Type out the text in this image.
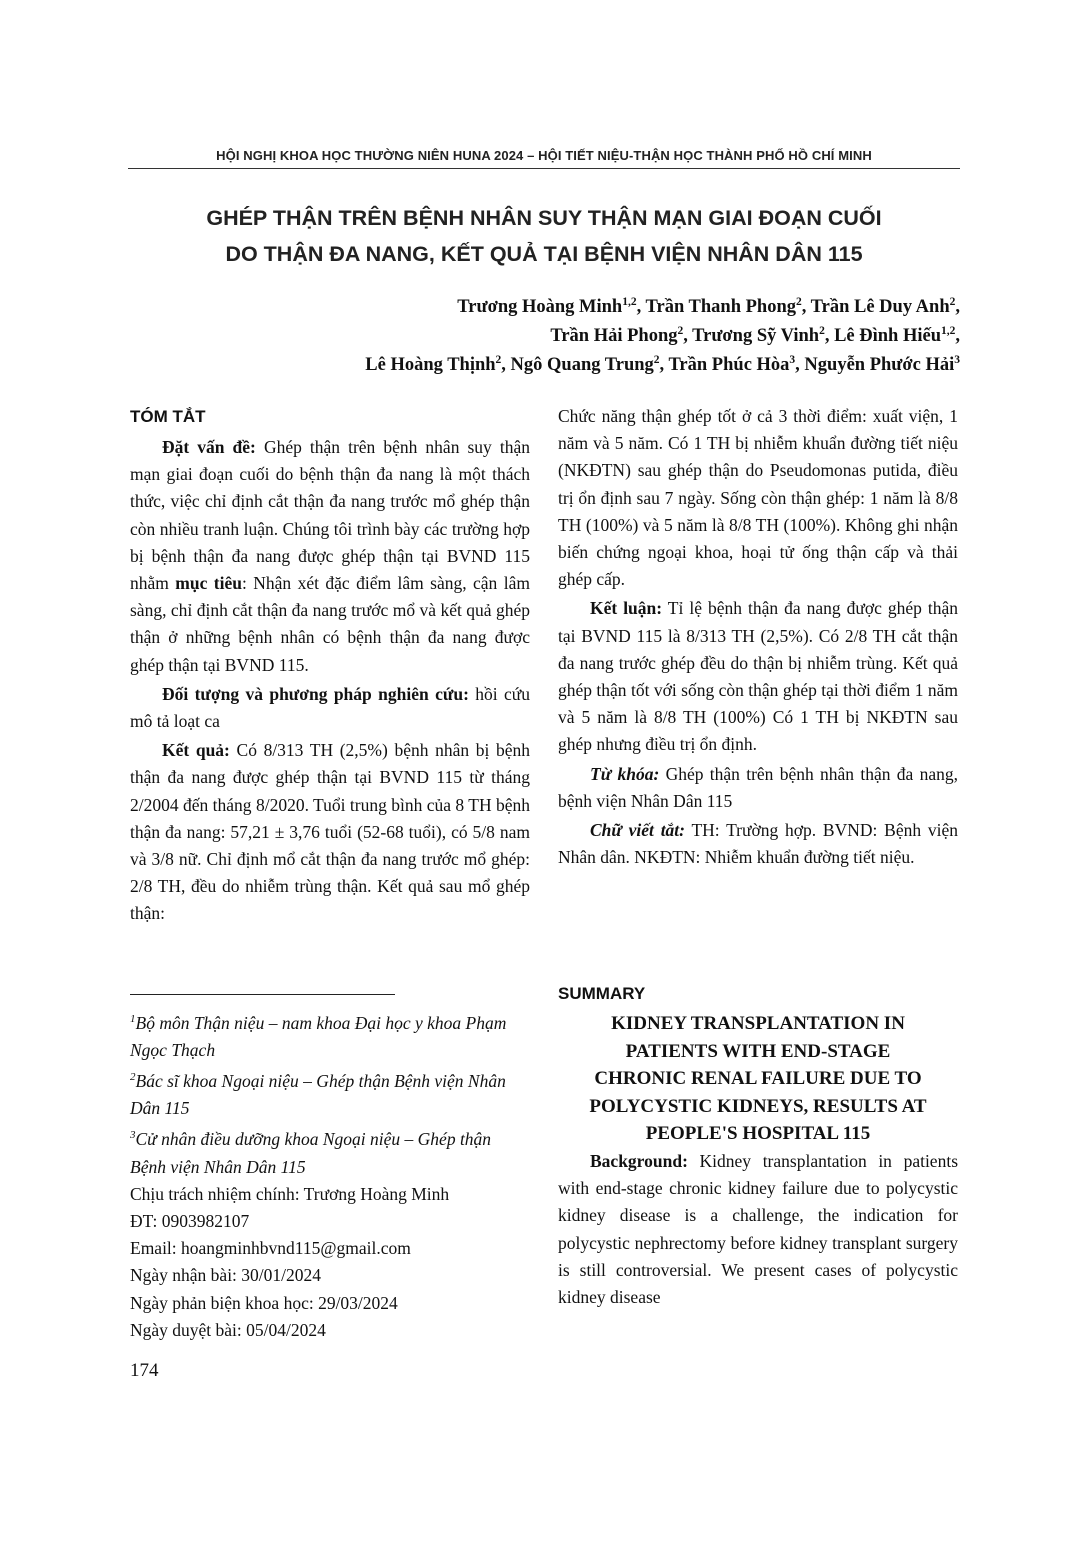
HỘI NGHỊ KHOA HỌC THƯỜNG NIÊN HUNA 2024 – HỘI TIẾT NIỆU-THẬN HỌC THÀNH PHỐ HỒ CHÍ MINH
GHÉP THẬN TRÊN BỆNH NHÂN SUY THẬN MẠN GIAI ĐOẠN CUỐI
DO THẬN ĐA NANG, KẾT QUẢ TẠI BỆNH VIỆN NHÂN DÂN 115
Trương Hoàng Minh$^{1,2}$, Trần Thanh Phong$^2$, Trần Lê Duy Anh$^2$,
Trần Hải Phong$^2$, Trương Sỹ Vinh$^2$, Lê Đình Hiếu$^{1,2}$,
Lê Hoàng Thịnh$^2$, Ngô Quang Trung$^2$, Trần Phúc Hòa$^3$, Nguyễn Phước Hải$^3$
TÓM TẮT

Đặt vấn đề: Ghép thận trên bệnh nhân suy thận mạn giai đoạn cuối do bệnh thận đa nang là một thách thức, việc chỉ định cắt thận đa nang trước mổ ghép thận còn nhiều tranh luận. Chúng tôi trình bày các trường hợp bị bệnh thận đa nang được ghép thận tại BVND 115 nhằm mục tiêu: Nhận xét đặc điểm lâm sàng, cận lâm sàng, chỉ định cắt thận đa nang trước mổ và kết quả ghép thận ở những bệnh nhân có bệnh thận đa nang được ghép thận tại BVND 115.

Đối tượng và phương pháp nghiên cứu: hồi cứu mô tả loạt ca

Kết quả: Có 8/313 TH (2,5%) bệnh nhân bị bệnh thận đa nang được ghép thận tại BVND 115 từ tháng 2/2004 đến tháng 8/2020. Tuổi trung bình của 8 TH bệnh thận đa nang: 57,21 ± 3,76 tuổi (52-68 tuổi), có 5/8 nam và 3/8 nữ. Chỉ định mổ cắt thận đa nang trước mổ ghép: 2/8 TH, đều do nhiễm trùng thận. Kết quả sau mổ ghép thận:

Chức năng thận ghép tốt ở cả 3 thời điểm: xuất viện, 1 năm và 5 năm. Có 1 TH bị nhiễm khuẩn đường tiết niệu (NKĐTN) sau ghép thận do Pseudomonas putida, điều trị ổn định sau 7 ngày. Sống còn thận ghép: 1 năm là 8/8 TH (100%) và 5 năm là 8/8 TH (100%). Không ghi nhận biến chứng ngoại khoa, hoại tử ống thận cấp và thải ghép cấp.

Kết luận: Tỉ lệ bệnh thận đa nang được ghép thận tại BVND 115 là 8/313 TH (2,5%). Có 2/8 TH cắt thận đa nang trước ghép đều do thận bị nhiễm trùng. Kết quả ghép thận tốt với sống còn thận ghép tại thời điểm 1 năm và 5 năm là 8/8 TH (100%) Có 1 TH bị NKĐTN sau ghép nhưng điều trị ổn định.

Từ khóa: Ghép thận trên bệnh nhân thận đa nang, bệnh viện Nhân Dân 115

Chữ viết tắt: TH: Trường hợp. BVND: Bệnh viện Nhân dân. NKĐTN: Nhiễm khuẩn đường tiết niệu.

$^1$Bộ môn Thận niệu – nam khoa Đại học y khoa Phạm Ngọc Thạch
$^2$Bác sĩ khoa Ngoại niệu – Ghép thận Bệnh viện Nhân Dân 115
$^3$Cử nhân điều dưỡng khoa Ngoại niệu – Ghép thận Bệnh viện Nhân Dân 115
Chịu trách nhiệm chính: Trương Hoàng Minh
ĐT: 0903982107
Email: hoangminhbvnd115@gmail.com
Ngày nhận bài: 30/01/2024
Ngày phản biện khoa học: 29/03/2024
Ngày duyệt bài: 05/04/2024
SUMMARY
KIDNEY TRANSPLANTATION IN
PATIENTS WITH END-STAGE
CHRONIC RENAL FAILURE DUE TO
POLYCYSTIC KIDNEYS, RESULTS AT
PEOPLE'S HOSPITAL 115

Background: Kidney transplantation in patients with end-stage chronic kidney failure due to polycystic kidney disease is a challenge, the indication for polycystic nephrectomy before kidney transplant surgery is still controversial. We present cases of polycystic kidney disease

174
